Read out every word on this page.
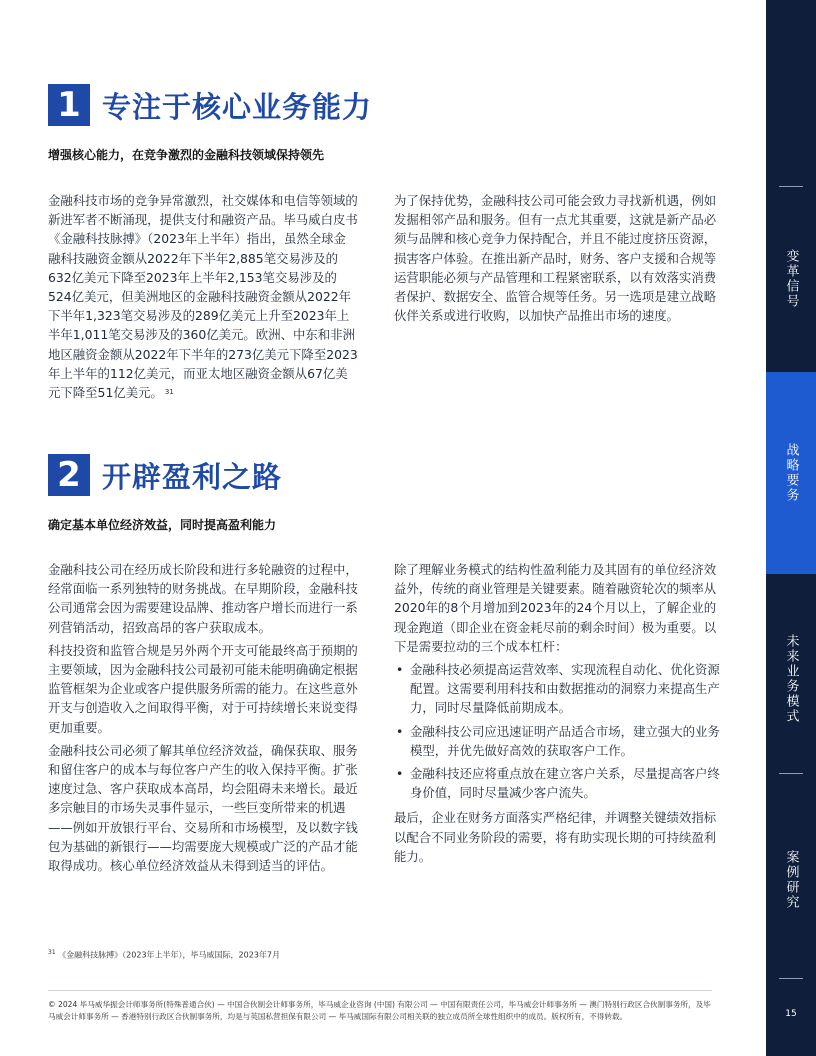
1 专注于核心业务能力
增强核心能力，在竞争激烈的金融科技领域保持领先

金融科技市场的竞争异常激烈，社交媒体和电信等领域的新进军者不断涌现，提供支付和融资产品。毕马威白皮书《金融科技脉搏》（2023年上半年）指出，虽然全球金融科技融资金额从2022年下半年2,885笔交易涉及的632亿美元下降至2023年上半年2,153笔交易涉及的524亿美元，但美洲地区的金融科技融资金额从2022年下半年1,323笔交易涉及的289亿美元上升至2023年上半年1,011笔交易涉及的360亿美元。欧洲、中东和非洲地区融资金额从2022年下半年的273亿美元下降至2023年上半年的112亿美元，而亚太地区融资金额从67亿美元下降至51亿美元。 $^{31}$

为了保持优势，金融科技公司可能会致力寻找新机遇，例如发掘相邻产品和服务。但有一点尤其重要，这就是新产品必须与品牌和核心竞争力保持配合，并且不能过度挤压资源，损害客户体验。在推出新产品时，财务、客户支援和合规等运营职能必须与产品管理和工程紧密联系，以有效落实消费者保护、数据安全、监管合规等任务。另一选项是建立战略伙伴关系或进行收购，以加快产品推出市场的速度。

2 开辟盈利之路
确定基本单位经济效益，同时提高盈利能力

金融科技公司在经历成长阶段和进行多轮融资的过程中，经常面临一系列独特的财务挑战。在早期阶段，金融科技公司通常会因为需要建设品牌、推动客户增长而进行一系列营销活动，招致高昂的客户获取成本。

科技投资和监管合规是另外两个开支可能最终高于预期的主要领域，因为金融科技公司最初可能未能明确确定根据监管框架为企业或客户提供服务所需的能力。在这些意外开支与创造收入之间取得平衡，对于可持续增长来说变得更加重要。

金融科技公司必须了解其单位经济效益，确保获取、服务和留住客户的成本与每位客户产生的收入保持平衡。扩张速度过急、客户获取成本高昂，均会阻碍未来增长。最近多宗触目的市场失灵事件显示，一些巨变所带来的机遇——例如开放银行平台、交易所和市场模型，及以数字钱包为基础的新银行——均需要庞大规模或广泛的产品才能取得成功。核心单位经济效益从未得到适当的评估。

除了理解业务模式的结构性盈利能力及其固有的单位经济效益外，传统的商业管理是关键要素。随着融资轮次的频率从2020年的8个月增加到2023年的24个月以上，了解企业的现金跑道（即企业在资金耗尽前的剩余时间）极为重要。以下是需要拉动的三个成本杠杆：

• 金融科技必须提高运营效率、实现流程自动化、优化资源配置。这需要利用科技和由数据推动的洞察力来提高生产力，同时尽量降低前期成本。
• 金融科技公司应迅速证明产品适合市场，建立强大的业务模型，并优先做好高效的获取客户工作。
• 金融科技还应将重点放在建立客户关系，尽量提高客户终身价值，同时尽量减少客户流失。

最后，企业在财务方面落实严格纪律，并调整关键绩效指标以配合不同业务阶段的需要，将有助实现长期的可持续盈利能力。

$^{31}$ 《金融科技脉搏》（2023年上半年），毕马威国际，2023年7月
© 2024 毕马威华振会计师事务所(特殊普通合伙) — 中国合伙制会计师事务所，毕马威企业咨询 (中国) 有限公司 — 中国有限责任公司，毕马威会计师事务所 — 澳门特别行政区合伙制事务所，及毕马威会计师事务所 — 香港特别行政区合伙制事务所，均是与英国私营担保有限公司 — 毕马威国际有限公司相关联的独立成员所全球性组织中的成员。版权所有，不得转载。
变革信号
战略要务
未来业务模式
案例研究
15
